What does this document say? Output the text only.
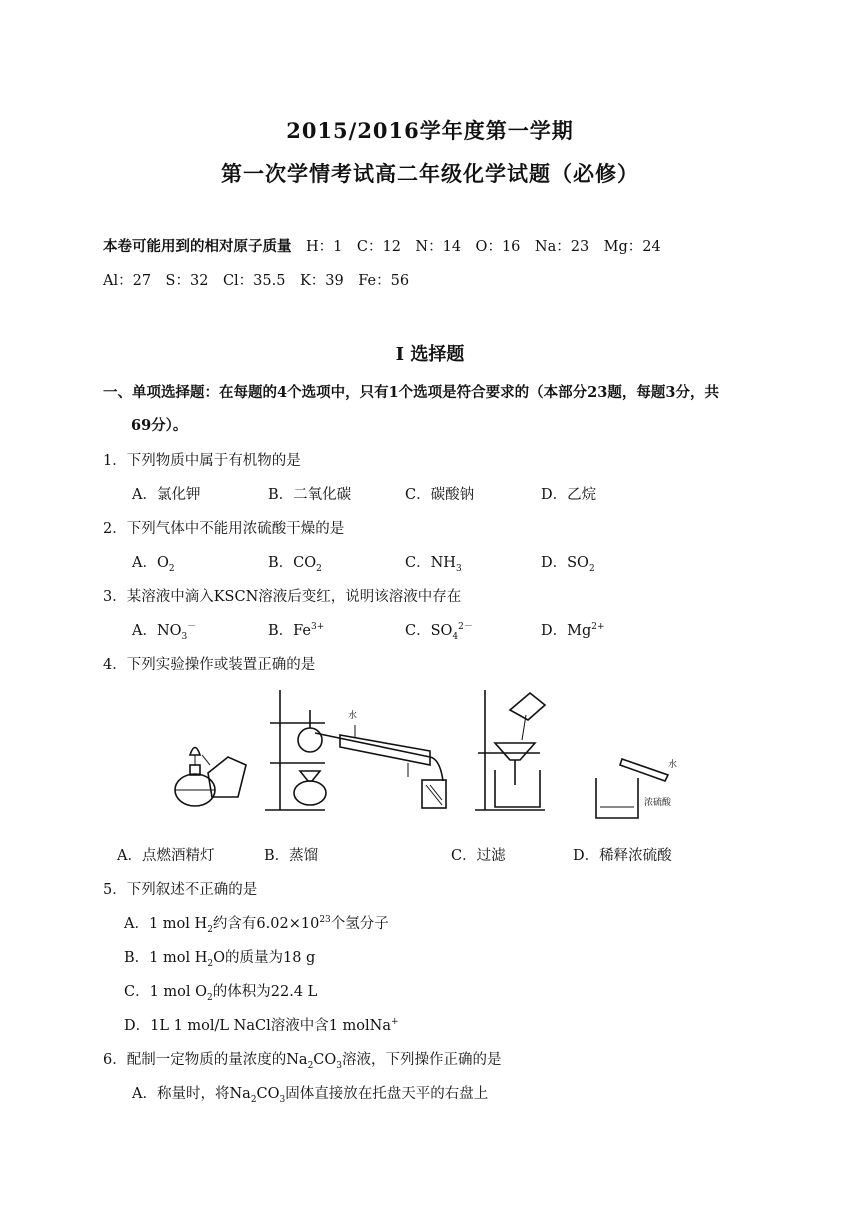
2015/2016学年度第一学期
第一次学情考试高二年级化学试题（必修）
本卷可能用到的相对原子质量　 H：1　C：12　N：14　O：16　Na：23　Mg：24
Al：27　S：32　Cl：35.5　K：39　Fe：56
I 选择题
一、单项选择题：在每题的4个选项中，只有1个选项是符合要求的（本部分23题，每题3分，共
69分）。
1．下列物质中属于有机物的是
A．氯化钾	B．二氧化碳	C．碳酸钠	D．乙烷
2．下列气体中不能用浓硫酸干燥的是
A．$O_2$	B．$CO_2$	C．$NH_3$	D．$SO_2$
3．某溶液中滴入KSCN溶液后变红，说明该溶液中存在
A．$NO_3^-$	B．$Fe^{3+}$	C．$SO_4^{2-}$	D．$Mg^{2+}$
4．下列实验操作或装置正确的是
水
水
浓硫酸
A．点燃酒精灯	B．蒸馏	C．过滤	D．稀释浓硫酸
5．下列叙述不正确的是
A．1 mol $H_2$约含有$6.02\times 10^{23}$个氢分子
B．1 mol $H_2O$的质量为18 g
C．1 mol $O_2$的体积为22.4 L
D．1L 1 mol/L NaCl溶液中含1 molNa+
6．配制一定物质的量浓度的$Na_2CO_3$溶液，下列操作正确的是
A．称量时，将$Na_2CO_3$固体直接放在托盘天平的右盘上
